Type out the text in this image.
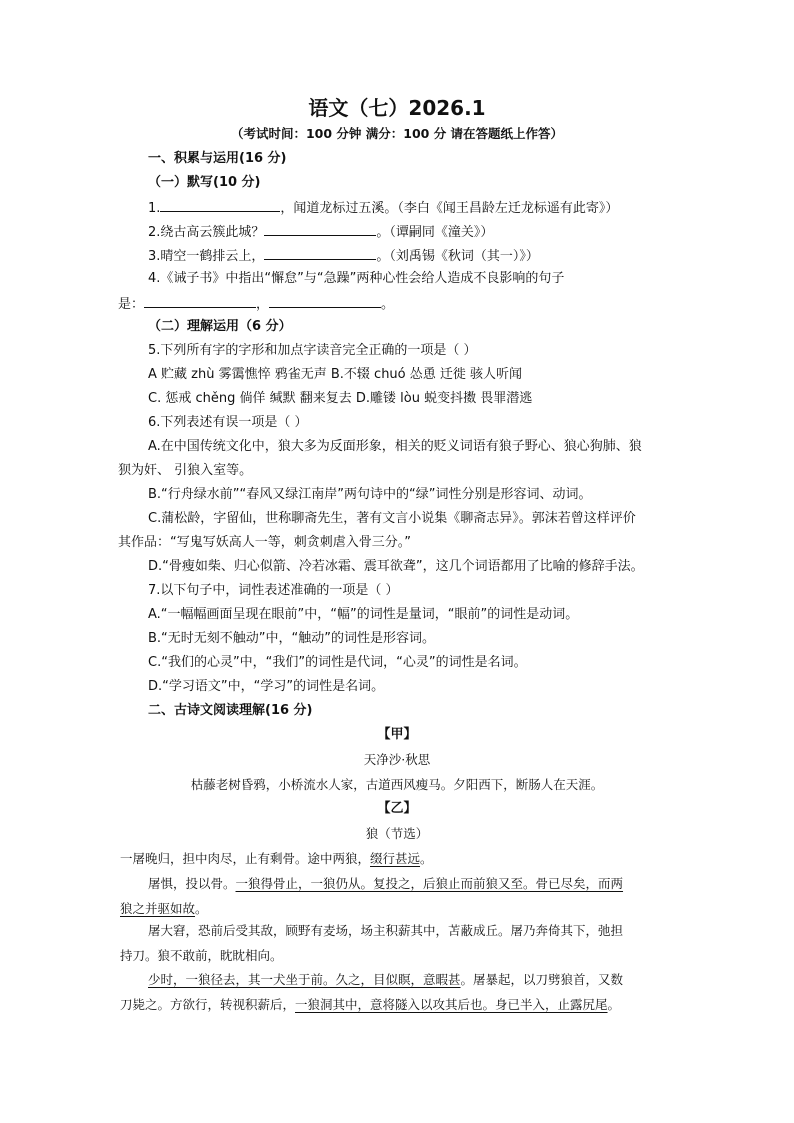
语文（七）2026.1
（考试时间：100 分钟 满分：100 分 请在答题纸上作答）
一、积累与运用(16 分)
（一）默写(10 分)
1.	，闻道龙标过五溪。（李白《闻王昌龄左迁龙标遥有此寄》）
2.绕古高云簇此城？	。（谭嗣同《潼关》）
3.晴空一鹤排云上，	。（刘禹锡《秋词（其一）》）
4.《诫子书》中指出“懈怠”与“急躁”两种心性会给人造成不良影响的句子
是：	，	。
（二）理解运用（6 分）
5.下列所有字的字形和加点字读音完全正确的一项是（ ）
A 贮藏 zhù 雾霭憔悴 鸦雀无声 B.不辍 chuó 怂恿 迁徙 骇人听闻
C. 惩戒 chěng 倘佯 缄默 翻来复去 D.雕镂 lòu 蜕变抖擞 畏罪潜逃
6.下列表述有误一项是（ ）
A.在中国传统文化中，狼大多为反面形象，相关的贬义词语有狼子野心、狼心狗肺、狼
狈为奸、 引狼入室等。
B.“行舟绿水前”“春风又绿江南岸”两句诗中的“绿”词性分别是形容词、动词。
C.蒲松龄，字留仙，世称聊斋先生，著有文言小说集《聊斋志异》。郭沫若曾这样评价
其作品：“写鬼写妖高人一等，刺贪刺虐入骨三分。”
D.“骨瘦如柴、归心似箭、冷若冰霜、震耳欲聋”，这几个词语都用了比喻的修辞手法。
7.以下句子中，词性表述准确的一项是（ ）
A.“一幅幅画面呈现在眼前”中，“幅”的词性是量词，“眼前”的词性是动词。
B.“无时无刻不触动”中，“触动”的词性是形容词。
C.“我们的心灵”中，“我们”的词性是代词，“心灵”的词性是名词。
D.“学习语文”中，“学习”的词性是名词。
二、古诗文阅读理解(16 分)
【甲】
天净沙·秋思
枯藤老树昏鸦，小桥流水人家，古道西风瘦马。夕阳西下，断肠人在天涯。
【乙】
狼（节选）
一屠晚归，担中肉尽，止有剩骨。途中两狼，缀行甚远。
屠惧，投以骨。一狼得骨止，一狼仍从。复投之，后狼止而前狼又至。骨已尽矣，而两
狼之并驱如故。
屠大窘，恐前后受其敌，顾野有麦场，场主积薪其中，苫蔽成丘。屠乃奔倚其下，弛担
持刀。狼不敢前，眈眈相向。
少时，一狼径去，其一犬坐于前。久之，目似瞑，意暇甚。屠暴起，以刀劈狼首，又数
刀毙之。方欲行，转视积薪后，一狼洞其中，意将隧入以攻其后也。身已半入，止露尻尾。
